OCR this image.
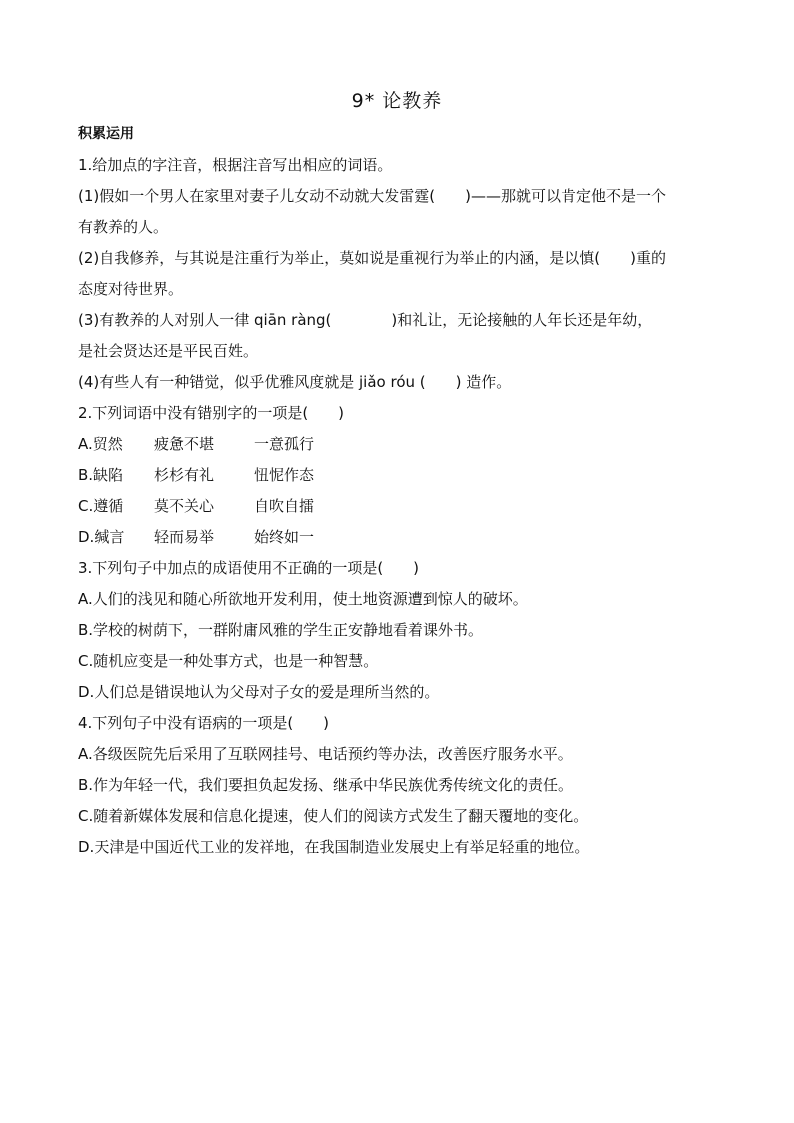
9* 论教养
积累运用
1.给加点的字注音，根据注音写出相应的词语。
(1)假如一个男人在家里对妻子儿女动不动就大发雷霆(　　)——那就可以肯定他不是一个
有教养的人。
(2)自我修养，与其说是注重行为举止，莫如说是重视行为举止的内涵，是以慎(　　)重的
态度对待世界。
(3)有教养的人对别人一律 qiān ràng(　　　　)和礼让，无论接触的人年长还是年幼，
是社会贤达还是平民百姓。
(4)有些人有一种错觉，似乎优雅风度就是 jiǎo róu (　　) 造作。
2.下列词语中没有错别字的一项是(　　)
A.贸然 疲惫不堪	一意孤行
B.缺陷 杉杉有礼	忸怩作态
C.遵循 莫不关心	自吹自擂
D.缄言 轻而易举	始终如一
3.下列句子中加点的成语使用不正确的一项是(　　)
A.人们的浅见和随心所欲地开发利用，使土地资源遭到惊人的破坏。
B.学校的树荫下，一群附庸风雅的学生正安静地看着课外书。
C.随机应变是一种处事方式，也是一种智慧。
D.人们总是错误地认为父母对子女的爱是理所当然的。
4.下列句子中没有语病的一项是(　　)
A.各级医院先后采用了互联网挂号、电话预约等办法，改善医疗服务水平。
B.作为年轻一代，我们要担负起发扬、继承中华民族优秀传统文化的责任。
C.随着新媒体发展和信息化提速，使人们的阅读方式发生了翻天覆地的变化。
D.天津是中国近代工业的发祥地，在我国制造业发展史上有举足轻重的地位。
